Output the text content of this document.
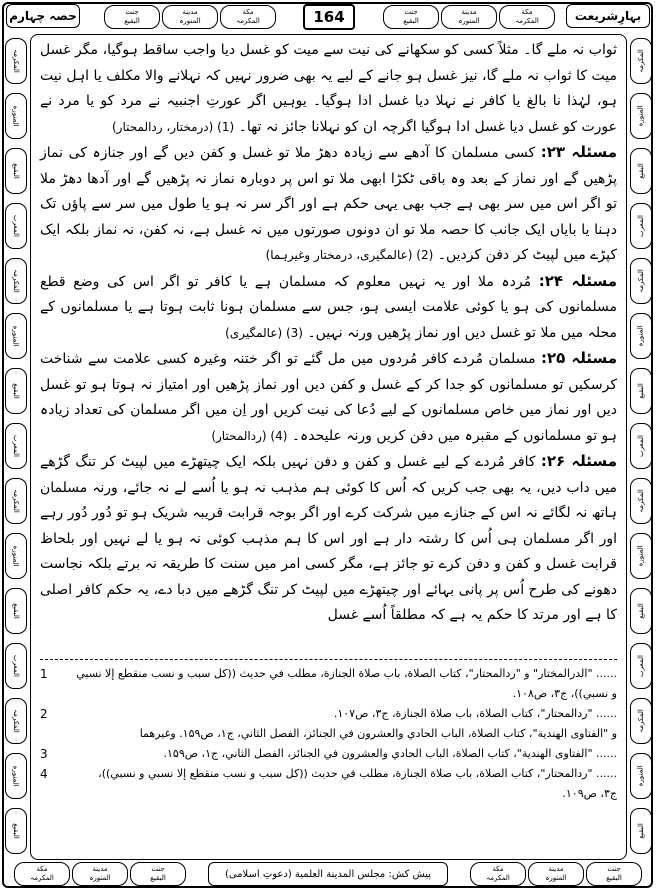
حصہ چہارم	جنت
البقیع
مدینة
المنورہ
مکة
المکرمہ	164	جنت
البقیع
مدینة
المنورہ
مکة
المکرمہ	بہارِشریعت
المکرمہ
المنورہ
البقیع
المعرب
المکرمہ
المنورہ
البقیع
المعرب
المکرمہ
المنورہ
البقیع
المعرب
المکرمہ
المنورہ
البقیع
المکرمہ
المنورہ
البقیع
المعرب
المکرمہ
المنورہ
البقیع
المعرب
المکرمہ
المنورہ
البقیع
المعرب
المکرمہ
المنورہ
البقیع

ثواب نہ ملے گا۔ مثلاً کسی کو سکھانے کی نیت سے میت کو غسل دیا واجب ساقط ہوگیا، مگر غسل میت کا ثواب نہ ملے گا، نیز غسل ہو جانے کے لیے یہ بھی ضرور نہیں کہ نہلانے والا مکلف یا اہل نیت ہو، لہٰذا نا بالغ یا کافر نے نہلا دیا غسل ادا ہوگیا۔ یوہیں اگر عورتِ اجنبیہ نے مرد کو یا مرد نے عورت کو غسل دیا غسل ادا ہوگیا اگرچہ ان کو نہلانا جائز نہ تھا۔ (1) (درمختار، ردالمحتار)

مسئلہ ۲۳: کسی مسلمان کا آدھے سے زیادہ دھڑ ملا تو غسل و کفن دیں گے اور جنازہ کی نماز پڑھیں گے اور نماز کے بعد وہ باقی ٹکڑا ابھی ملا تو اس پر دوبارہ نماز نہ پڑھیں گے اور آدھا دھڑ ملا تو اگر اس میں سر بھی ہے جب بھی یہی حکم ہے اور اگر سر نہ ہو یا طول میں سر سے پاؤں تک دہنا یا بایاں ایک جانب کا حصہ ملا تو ان دونوں صورتوں میں نہ غسل ہے، نہ کفن، نہ نماز بلکہ ایک کپڑے میں لپیٹ کر دفن کردیں۔ (2) (عالمگیری، درمختار وغیرہما)

مسئلہ ۲۴: مُردہ ملا اور یہ نہیں معلوم کہ مسلمان ہے یا کافر تو اگر اس کی وضع قطع مسلمانوں کی ہو یا کوئی علامت ایسی ہو، جس سے مسلمان ہونا ثابت ہوتا ہے یا مسلمانوں کے محلہ میں ملا تو غسل دیں اور نماز پڑھیں ورنہ نہیں۔ (3) (عالمگیری)

مسئلہ ۲۵: مسلمان مُردے کافر مُردوں میں مل گئے تو اگر ختنہ وغیرہ کسی علامت سے شناخت کرسکیں تو مسلمانوں کو جدا کر کے غسل و کفن دیں اور نماز پڑھیں اور امتیاز نہ ہوتا ہو تو غسل دیں اور نماز میں خاص مسلمانوں کے لیے دُعا کی نیت کریں اور اِن میں اگر مسلمان کی تعداد زیادہ ہو تو مسلمانوں کے مقبرہ میں دفن کریں ورنہ علیحدہ۔ (4) (ردالمحتار)

مسئلہ ۲۶: کافر مُردے کے لیے غسل و کفن و دفن نہیں بلکہ ایک چیتھڑے میں لپیٹ کر تنگ گڑھے میں داب دیں، یہ بھی جب کریں کہ اُس کا کوئی ہم مذہب نہ ہو یا اُسے لے نہ جائے، ورنہ مسلمان ہاتھ نہ لگائے نہ اس کے جنازے میں شرکت کرے اور اگر بوجہ قرابت قریبہ شریک ہو تو دُور دُور رہے اور اگر مسلمان ہی اُس کا رشتہ دار ہے اور اس کا ہم مذہب کوئی نہ ہو یا لے نہیں اور بلحاظ قرابت غسل و کفن و دفن کرے تو جائز ہے، مگر کسی امر میں سنت کا طریقہ نہ برتے بلکہ نجاست دھونے کی طرح اُس پر پانی بہائے اور چیتھڑے میں لپیٹ کر تنگ گڑھے میں دبا دے، یہ حکم کافر اصلی کا ہے اور مرتد کا حکم یہ ہے کہ مطلقاً اُسے غسل

1	...... "الدرالمختار" و "ردالمحتار"، کتاب الصلاة، باب صلاة الجنازة، مطلب في حدیث ((کل سبب و نسب منقطع إلا نسبي
و نسبي))، ج۳، ص۱۰۸.
2	...... "ردالمحتار"، کتاب الصلاة، باب صلاة الجنازة، ج۳، ص۱۰۷.
و "الفتاوی الهندیة"، کتاب الصلاة، الباب الحادي والعشرون في الجنائز، الفصل الثاني، ج۱، ص۱۵۹. وغیرهما
3	...... "الفتاوی الهندیة"، کتاب الصلاة، الباب الحادي والعشرون في الجنائز، الفصل الثاني، ج۱، ص۱۵۹.
4	...... "ردالمحتار"، کتاب الصلاة، باب صلاة الجنازة، مطلب في حدیث ((کل سبب و نسب منقطع إلا نسبي و نسبي))،
ج۳، ص۱۰۹.
مکة
المکرمہ
مدینة
المنورہ
جنت
البقیع	پیش کش: مجلس المدینة العلمیة (دعوتِ اسلامی)	مکة
المکرمہ
مدینة
المنورہ
جنت
البقیع
